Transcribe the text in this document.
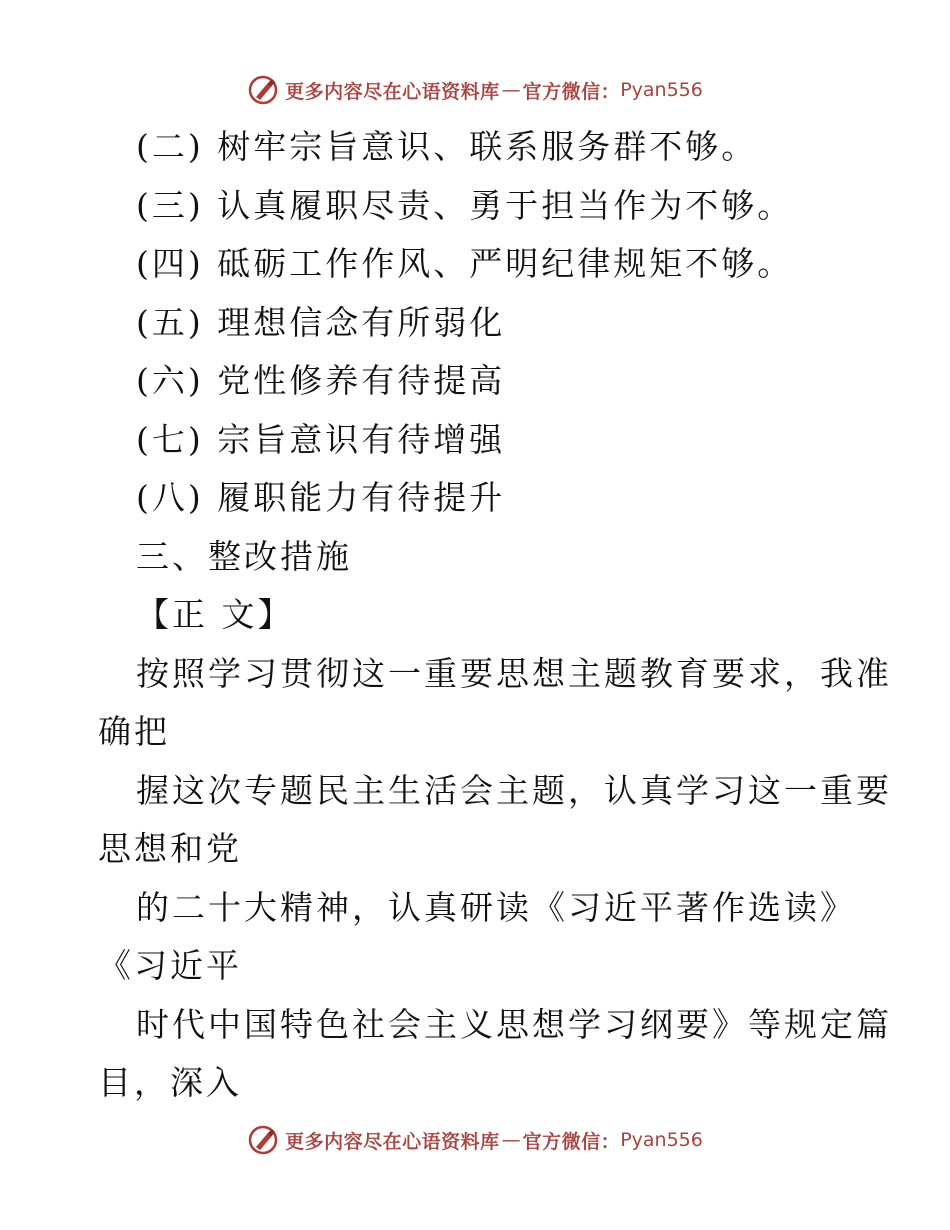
更多内容尽在心语资料库 — 官方微信： Pyan556
(二) 树牢宗旨意识、联系服务群不够。
(三) 认真履职尽责、勇于担当作为不够。
(四) 砥砺工作作风、严明纪律规矩不够。
(五) 理想信念有所弱化
(六) 党性修养有待提高
(七) 宗旨意识有待增强
(八) 履职能力有待提升
三、整改措施
【正 文】
按照学习贯彻这一重要思想主题教育要求，我准
确把
握这次专题民主生活会主题，认真学习这一重要
思想和党
的二十大精神，认真研读《习近平著作选读》
《习近平
时代中国特色社会主义思想学习纲要》等规定篇
目，深入
更多内容尽在心语资料库 — 官方微信： Pyan556
